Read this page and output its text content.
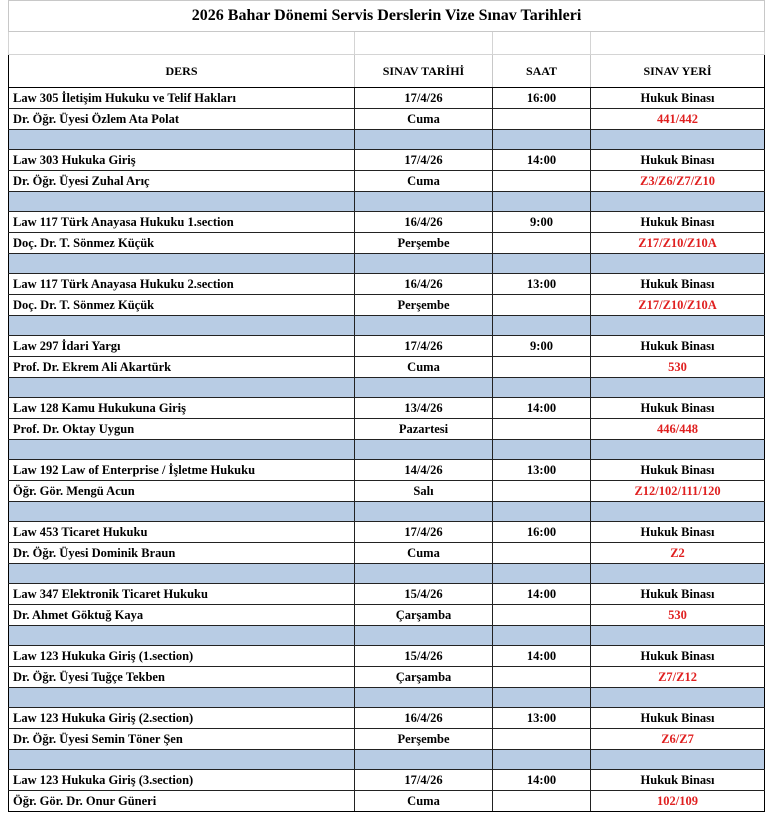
2026 Bahar Dönemi Servis Derslerin Vize Sınav Tarihleri			

DERS	SINAV TARİHİ	SAAT	SINAV YERİ
Law 305 İletişim Hukuku ve Telif Hakları	17/4/26	16:00	Hukuk Binası
Dr. Öğr. Üyesi Özlem Ata Polat	Cuma		441/442

Law 303 Hukuka Giriş	17/4/26	14:00	Hukuk Binası
Dr. Öğr. Üyesi Zuhal Arıç	Cuma		Z3/Z6/Z7/Z10

Law 117 Türk Anayasa Hukuku 1.section	16/4/26	9:00	Hukuk Binası
Doç. Dr. T. Sönmez Küçük	Perşembe		Z17/Z10/Z10A

Law 117 Türk Anayasa Hukuku 2.section	16/4/26	13:00	Hukuk Binası
Doç. Dr. T. Sönmez Küçük	Perşembe		Z17/Z10/Z10A

Law 297 İdari Yargı	17/4/26	9:00	Hukuk Binası
Prof. Dr. Ekrem Ali Akartürk	Cuma		530

Law 128 Kamu Hukukuna Giriş	13/4/26	14:00	Hukuk Binası
Prof. Dr. Oktay Uygun	Pazartesi		446/448

Law 192 Law of Enterprise / İşletme Hukuku	14/4/26	13:00	Hukuk Binası
Öğr. Gör. Mengü Acun	Salı		Z12/102/111/120

Law 453 Ticaret Hukuku	17/4/26	16:00	Hukuk Binası
Dr. Öğr. Üyesi Dominik Braun	Cuma		Z2

Law 347 Elektronik Ticaret Hukuku	15/4/26	14:00	Hukuk Binası
Dr. Ahmet Göktuğ Kaya	Çarşamba		530

Law 123 Hukuka Giriş (1.section)	15/4/26	14:00	Hukuk Binası
Dr. Öğr. Üyesi Tuğçe Tekben	Çarşamba		Z7/Z12

Law 123 Hukuka Giriş (2.section)	16/4/26	13:00	Hukuk Binası
Dr. Öğr. Üyesi Semin Töner Şen	Perşembe		Z6/Z7

Law 123 Hukuka Giriş (3.section)	17/4/26	14:00	Hukuk Binası
Öğr. Gör. Dr. Onur Güneri	Cuma		102/109
